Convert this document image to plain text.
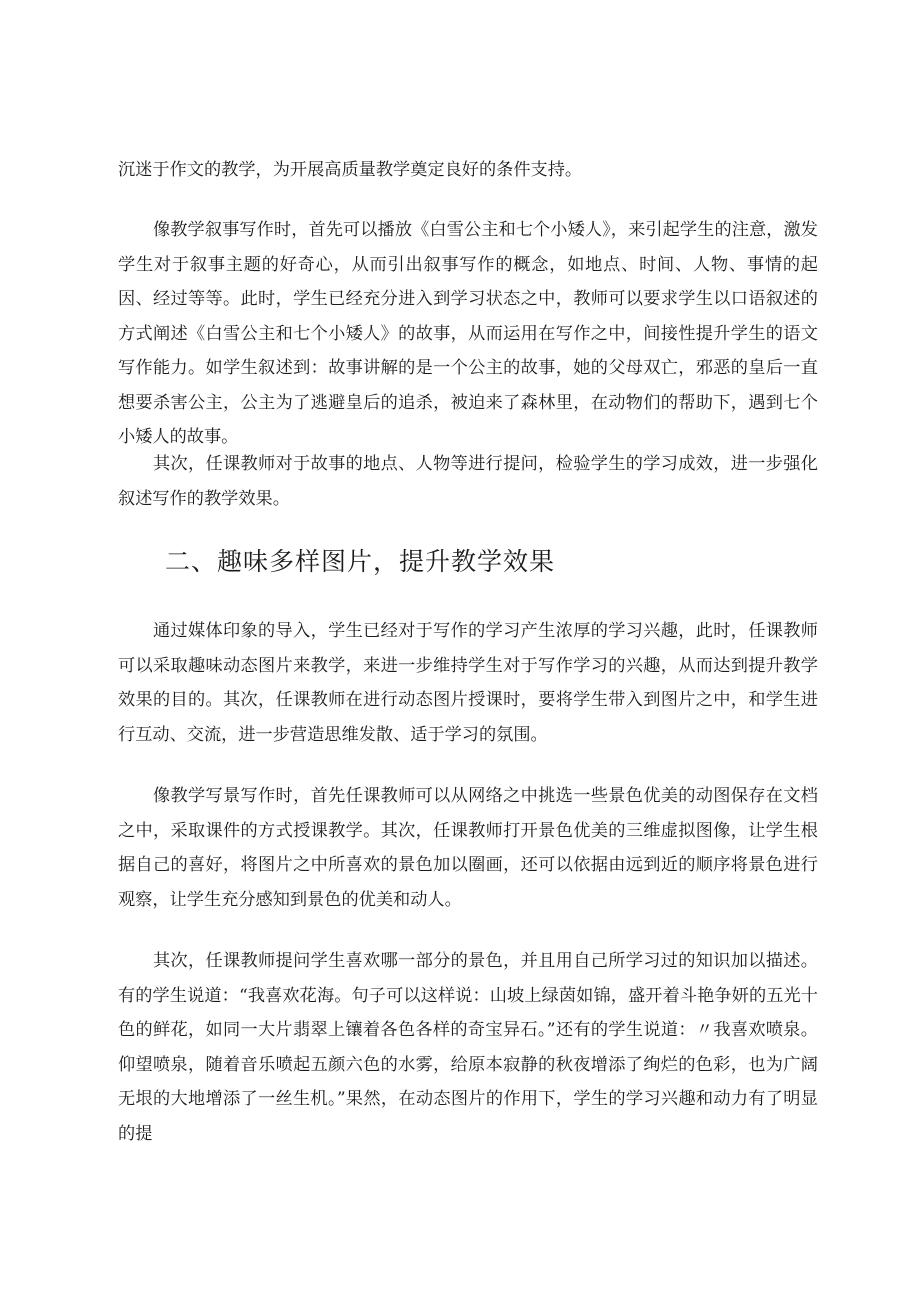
沉迷于作文的教学，为开展高质量教学奠定良好的条件支持。

像教学叙事写作时，首先可以播放《白雪公主和七个小矮人》，来引起学生的注意，激发学生对于叙事主题的好奇心，从而引出叙事写作的概念，如地点、时间、人物、事情的起因、经过等等。此时，学生已经充分进入到学习状态之中，教师可以要求学生以口语叙述的方式阐述《白雪公主和七个小矮人》的故事，从而运用在写作之中，间接性提升学生的语文写作能力。如学生叙述到：故事讲解的是一个公主的故事，她的父母双亡，邪恶的皇后一直想要杀害公主，公主为了逃避皇后的追杀，被迫来了森林里，在动物们的帮助下，遇到七个小矮人的故事。

其次，任课教师对于故事的地点、人物等进行提问，检验学生的学习成效，进一步强化叙述写作的教学效果。

二、趣味多样图片，提升教学效果

通过媒体印象的导入，学生已经对于写作的学习产生浓厚的学习兴趣，此时，任课教师可以采取趣味动态图片来教学，来进一步维持学生对于写作学习的兴趣，从而达到提升教学效果的目的。其次，任课教师在进行动态图片授课时，要将学生带入到图片之中，和学生进行互动、交流，进一步营造思维发散、适于学习的氛围。

像教学写景写作时，首先任课教师可以从网络之中挑选一些景色优美的动图保存在文档之中，采取课件的方式授课教学。其次，任课教师打开景色优美的三维虚拟图像，让学生根据自己的喜好，将图片之中所喜欢的景色加以圈画，还可以依据由远到近的顺序将景色进行观察，让学生充分感知到景色的优美和动人。

其次，任课教师提问学生喜欢哪一部分的景色，并且用自己所学习过的知识加以描述。有的学生说道：“我喜欢花海。句子可以这样说：山坡上绿茵如锦，盛开着斗艳争妍的五光十色的鲜花，如同一大片翡翠上镶着各色各样的奇宝异石。”还有的学生说道：〃我喜欢喷泉。仰望喷泉，随着音乐喷起五颜六色的水雾，给原本寂静的秋夜增添了绚烂的色彩，也为广阔无垠的大地增添了一丝生机。”果然，在动态图片的作用下，学生的学习兴趣和动力有了明显的提
